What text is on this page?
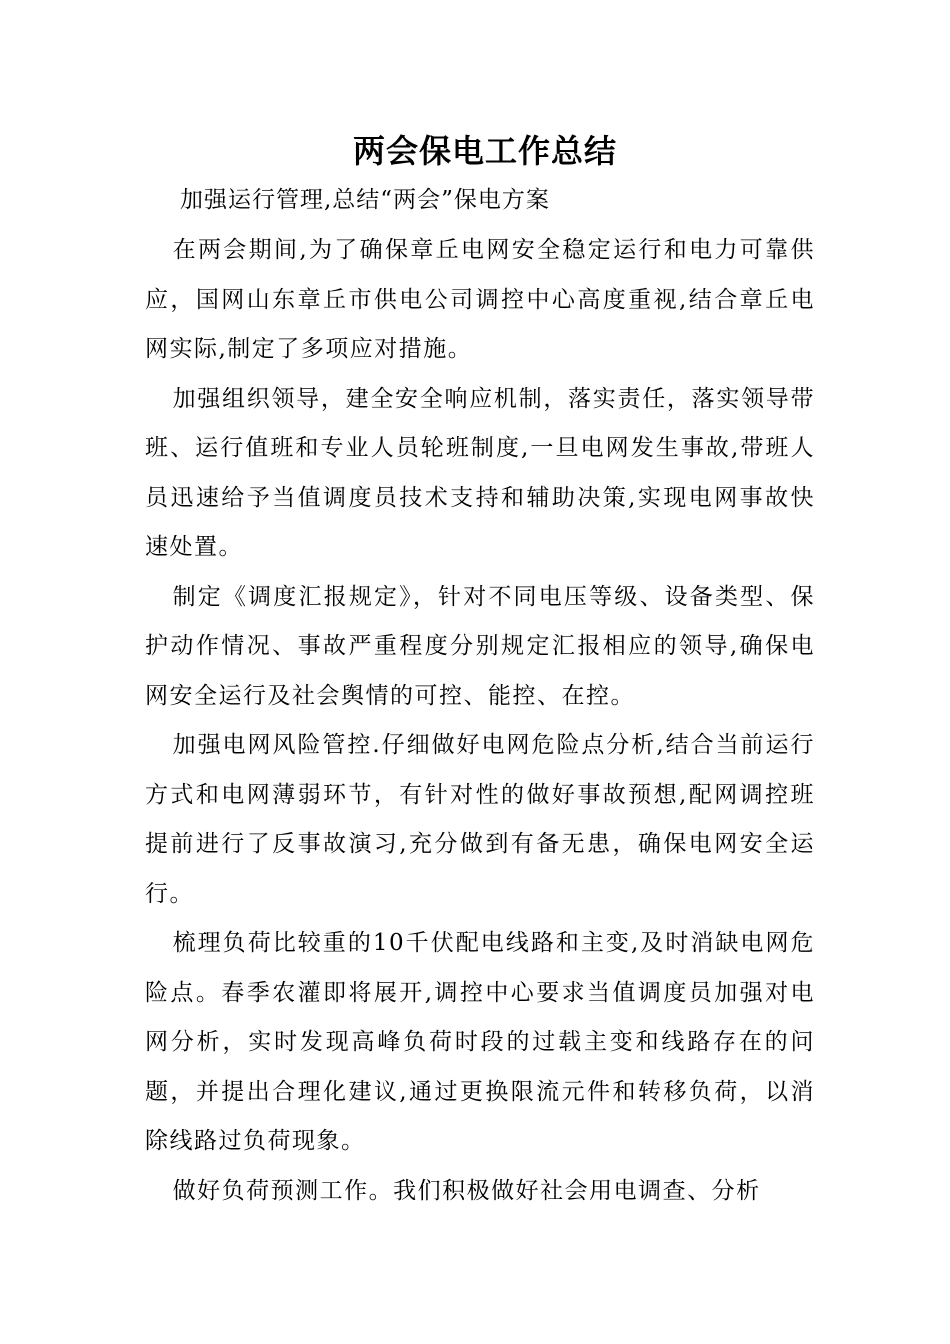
两会保电工作总结
加强运行管理,总结“两会”保电方案

在两会期间,为了确保章丘电网安全稳定运行和电力可靠供应，国网山东章丘市供电公司调控中心高度重视,结合章丘电网实际,制定了多项应对措施。

加强组织领导，建全安全响应机制，落实责任，落实领导带班、运行值班和专业人员轮班制度,一旦电网发生事故,带班人员迅速给予当值调度员技术支持和辅助决策,实现电网事故快速处置。

制定《调度汇报规定》，针对不同电压等级、设备类型、保护动作情况、事故严重程度分别规定汇报相应的领导,确保电网安全运行及社会舆情的可控、能控、在控。

加强电网风险管控.仔细做好电网危险点分析,结合当前运行方式和电网薄弱环节，有针对性的做好事故预想,配网调控班提前进行了反事故演习,充分做到有备无患，确保电网安全运行。

梳理负荷比较重的10千伏配电线路和主变,及时消缺电网危险点。春季农灌即将展开,调控中心要求当值调度员加强对电网分析，实时发现高峰负荷时段的过载主变和线路存在的问题，并提出合理化建议,通过更换限流元件和转移负荷，以消除线路过负荷现象。

做好负荷预测工作。我们积极做好社会用电调查、分析
